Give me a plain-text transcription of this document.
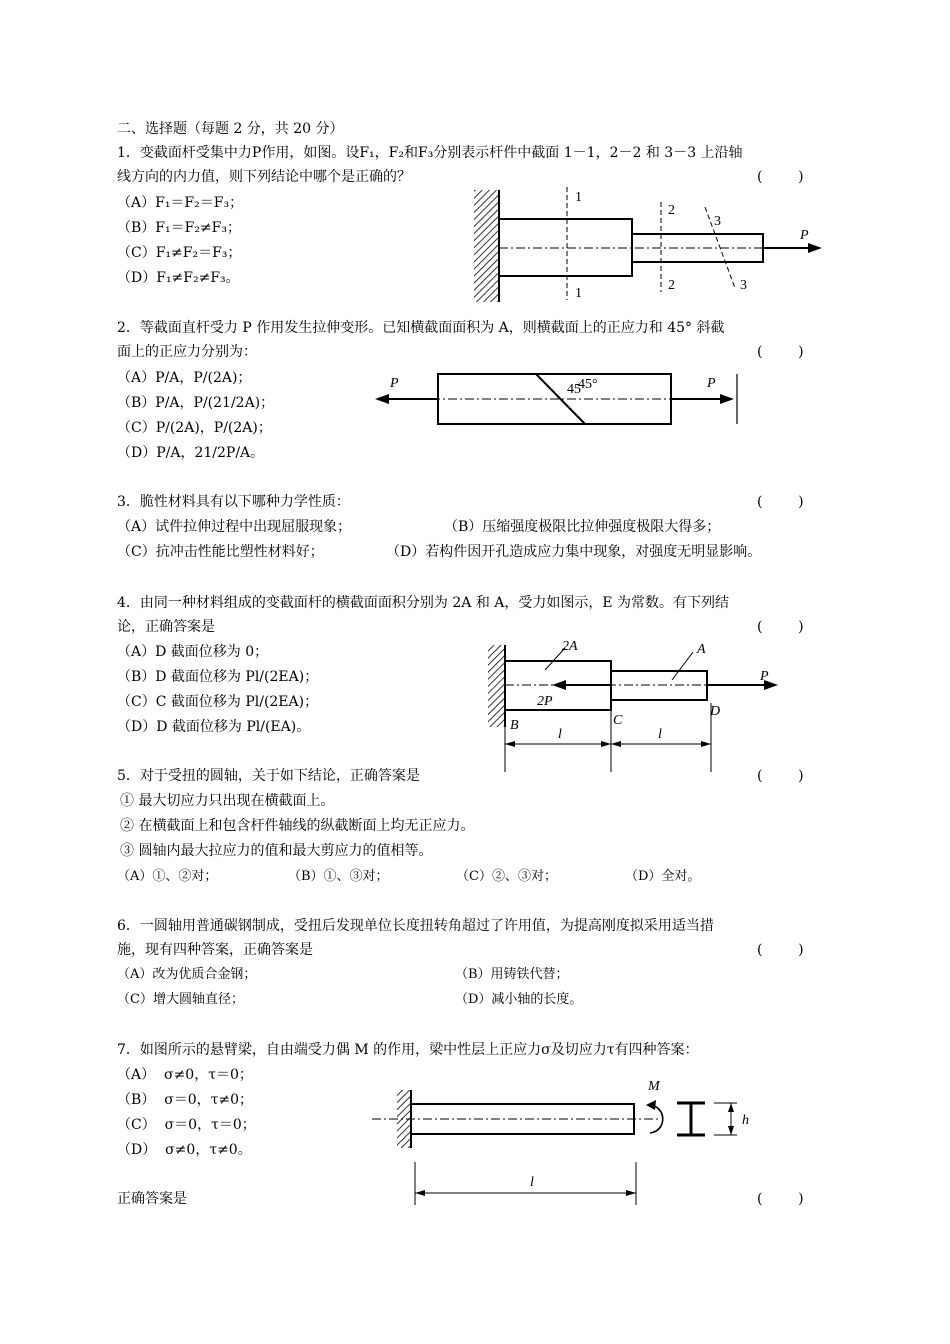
二、选择题（每题 2 分，共 20 分）
1．变截面杆受集中力P作用，如图。设F₁，F₂和F₃分别表示杆件中截面 1－1，2－2 和 3－3 上沿轴
线方向的内力值，则下列结论中哪个是正确的？	(        )
（A）F₁＝F₂＝F₃；
（B）F₁＝F₂≠F₃；
（C）F₁≠F₂＝F₃；
（D）F₁≠F₂≠F₃。
1
1
2
2
3
3
P
2．等截面直杆受力 P 作用发生拉伸变形。已知横截面面积为 A，则横截面上的正应力和 45° 斜截
面上的正应力分别为：	(        )
（A）P/A，P/(2A)；
（B）P/A，P/(21/2A)；
（C）P/(2A)，P/(2A)；
（D）P/A，21/2P/A。
P	P
45
45°
3．脆性材料具有以下哪种力学性质：	(        )
（A）试件拉伸过程中出现屈服现象；	（B）压缩强度极限比拉伸强度极限大得多；
（C）抗冲击性能比塑性材料好；	（D）若构件因开孔造成应力集中现象，对强度无明显影响。
4．由同一种材料组成的变截面杆的横截面面积分别为 2A 和 A，受力如图示，E 为常数。有下列结
论，正确答案是	(        )
（A）D 截面位移为 0；
（B）D 截面位移为 Pl/(2EA)；
（C）C 截面位移为 Pl/(2EA)；
（D）D 截面位移为 Pl/(EA)。
2A	A
2P
P
B	C
D
l	l
5．对于受扭的圆轴，关于如下结论，正确答案是	(        )
① 最大切应力只出现在横截面上。
② 在横截面上和包含杆件轴线的纵截断面上均无正应力。
③ 圆轴内最大拉应力的值和最大剪应力的值相等。
（A）①、②对；	（B）①、③对；	（C）②、③对；	（D）全对。
6．一圆轴用普通碳钢制成，受扭后发现单位长度扭转角超过了许用值，为提高刚度拟采用适当措
施，现有四种答案，正确答案是	(        )
（A）改为优质合金钢；	（B）用铸铁代替；
（C）增大圆轴直径；	（D）减小轴的长度。
7．如图所示的悬臂梁，自由端受力偶 M 的作用，梁中性层上正应力σ及切应力τ有四种答案：
（A）  σ≠0，τ＝0；
（B）  σ＝0，τ≠0；
（C）  σ＝0，τ＝0；
（D）  σ≠0，τ≠0。
正确答案是	(        )
M
h
l
